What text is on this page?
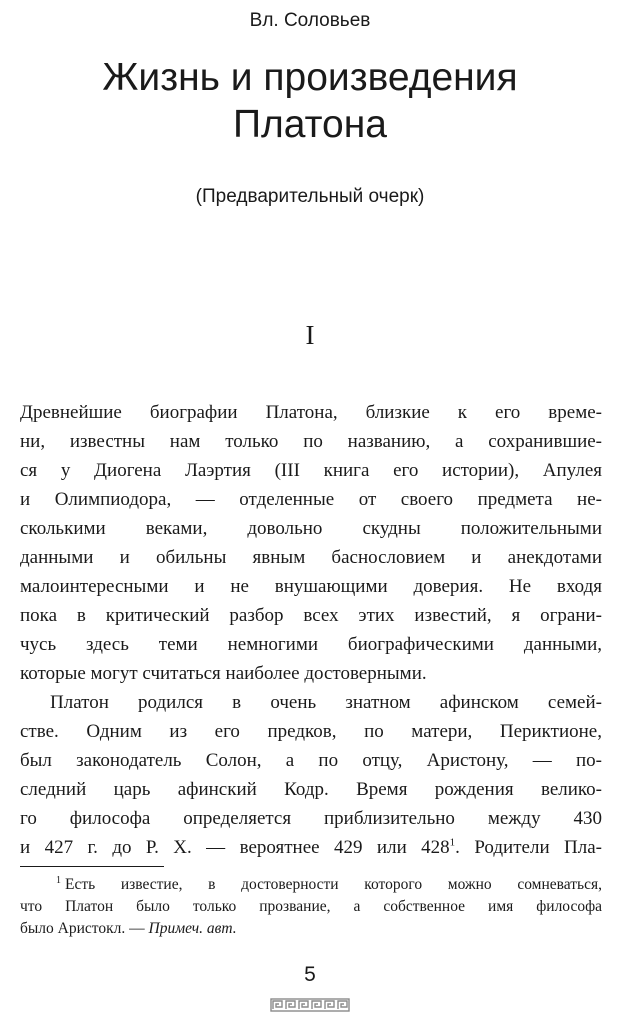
Вл. Соловьев
Жизнь и произведения
Платона
(Предварительный очерк)
I
Древнейшие биографии Платона, близкие к его време-
ни, известны нам только по названию, а сохранившие-
ся у Диогена Лаэртия (III книга его истории), Апулея
и Олимпиодора, — отделенные от своего предмета не-
сколькими веками, довольно скудны положительными
данными и обильны явным баснословием и анекдотами
малоинтересными и не внушающими доверия. Не входя
пока в критический разбор всех этих известий, я ограни-
чусь здесь теми немногими биографическими данными,
которые могут считаться наиболее достоверными.
Платон родился в очень знатном афинском семей-
стве. Одним из его предков, по матери, Периктионе,
был законодатель Солон, а по отцу, Аристону, — по-
следний царь афинский Кодр. Время рождения велико-
го философа определяется приблизительно между 430
и 427 г. до Р. Х. — вероятнее 429 или $428^1$. Родители Пла-
$^1$ Есть известие, в достоверности которого можно сомневаться,
что Платон было только прозвание, а собственное имя философа
было Аристокл. — Примеч. авт.
5
